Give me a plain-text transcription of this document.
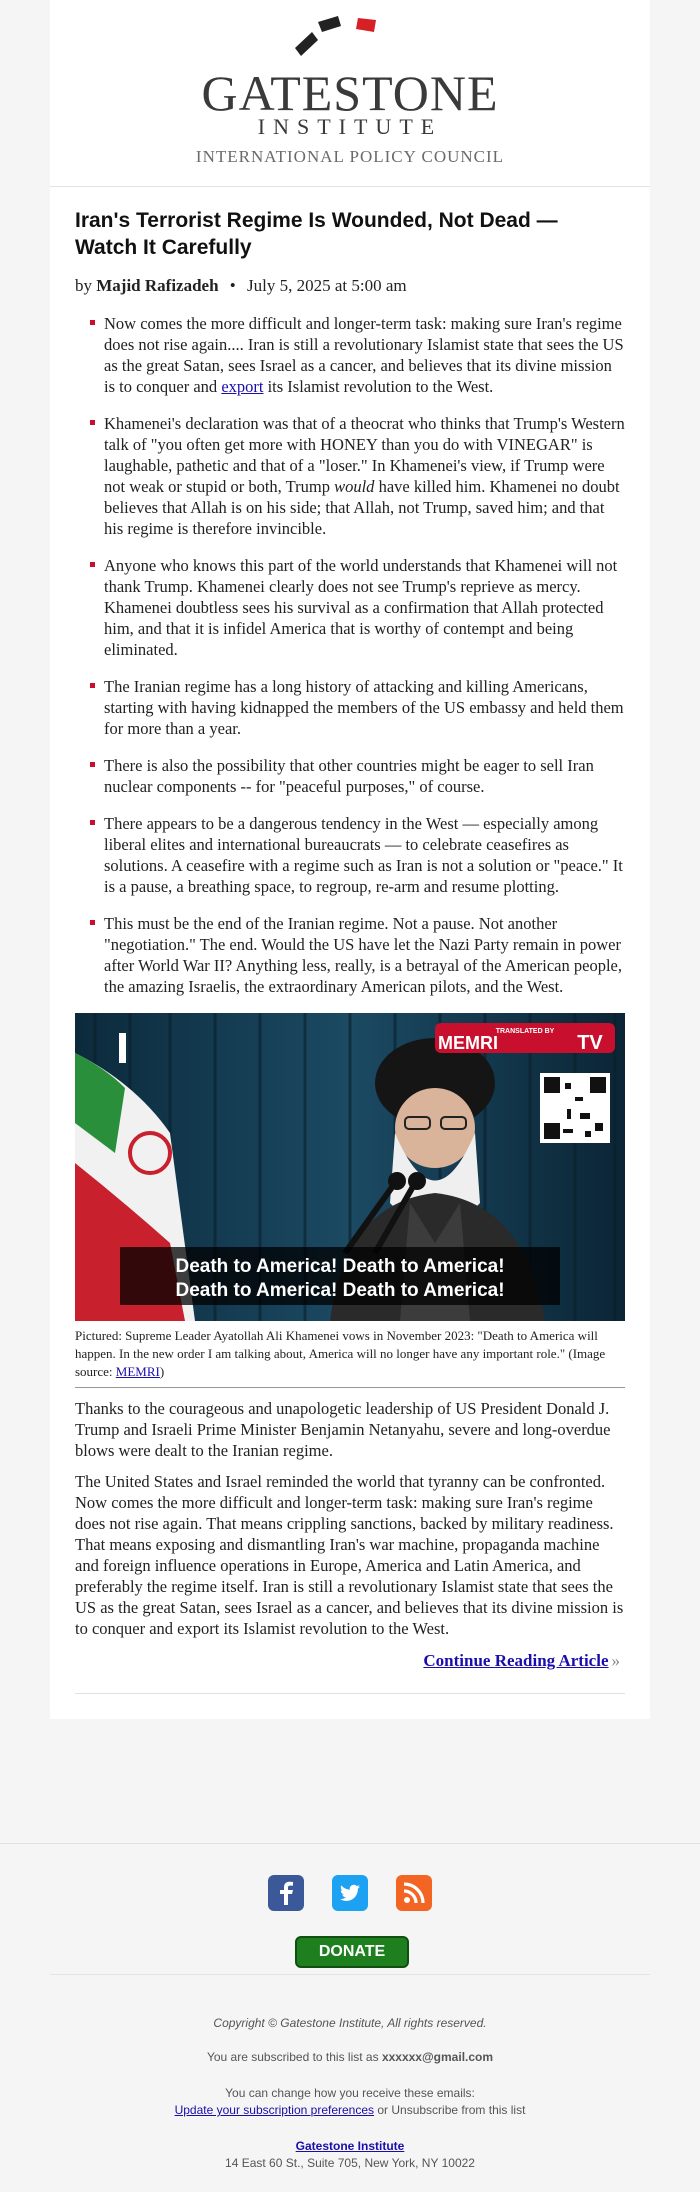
GATESTONE
INSTITUTE
INTERNATIONAL POLICY COUNCIL
Iran's Terrorist Regime Is Wounded, Not Dead — Watch It Carefully
by Majid Rafizadeh • July 5, 2025 at 5:00 am
Now comes the more difficult and longer-term task: making sure Iran's regime does not rise again.... Iran is still a revolutionary Islamist state that sees the US as the great Satan, sees Israel as a cancer, and believes that its divine mission is to conquer and export its Islamist revolution to the West.
Khamenei's declaration was that of a theocrat who thinks that Trump's Western talk of "you often get more with HONEY than you do with VINEGAR" is laughable, pathetic and that of a "loser." In Khamenei's view, if Trump were not weak or stupid or both, Trump would have killed him. Khamenei no doubt believes that Allah is on his side; that Allah, not Trump, saved him; and that his regime is therefore invincible.
Anyone who knows this part of the world understands that Khamenei will not thank Trump. Khamenei clearly does not see Trump's reprieve as mercy. Khamenei doubtless sees his survival as a confirmation that Allah protected him, and that it is infidel America that is worthy of contempt and being eliminated.
The Iranian regime has a long history of attacking and killing Americans, starting with having kidnapped the members of the US embassy and held them for more than a year.
There is also the possibility that other countries might be eager to sell Iran nuclear components -- for "peaceful purposes," of course.
There appears to be a dangerous tendency in the West — especially among liberal elites and international bureaucrats — to celebrate ceasefires as solutions. A ceasefire with a regime such as Iran is not a solution or "peace." It is a pause, a breathing space, to regroup, re-arm and resume plotting.
This must be the end of the Iranian regime. Not a pause. Not another "negotiation." The end. Would the US have let the Nazi Party remain in power after World War II? Anything less, really, is a betrayal of the American people, the amazing Israelis, the extraordinary American pilots, and the West.
TRANSLATED BY
MEMRI	TV
Death to America! Death to America!
Death to America! Death to America!
Pictured: Supreme Leader Ayatollah Ali Khamenei vows in November 2023: "Death to America will happen. In the new order I am talking about, America will no longer have any important role." (Image source: MEMRI)

Thanks to the courageous and unapologetic leadership of US President Donald J. Trump and Israeli Prime Minister Benjamin Netanyahu, severe and long-overdue blows were dealt to the Iranian regime.

The United States and Israel reminded the world that tyranny can be confronted. Now comes the more difficult and longer-term task: making sure Iran's regime does not rise again. That means crippling sanctions, backed by military readiness. That means exposing and dismantling Iran's war machine, propaganda machine and foreign influence operations in Europe, America and Latin America, and preferably the regime itself. Iran is still a revolutionary Islamist state that sees the US as the great Satan, sees Israel as a cancer, and believes that its divine mission is to conquer and export its Islamist revolution to the West.

Continue Reading Article »

DONATE
Copyright © Gatestone Institute, All rights reserved.
You are subscribed to this list as xxxxxx@gmail.com
You can change how you receive these emails:
Update your subscription preferences or Unsubscribe from this list
Gatestone Institute
14 East 60 St., Suite 705, New York, NY 10022
